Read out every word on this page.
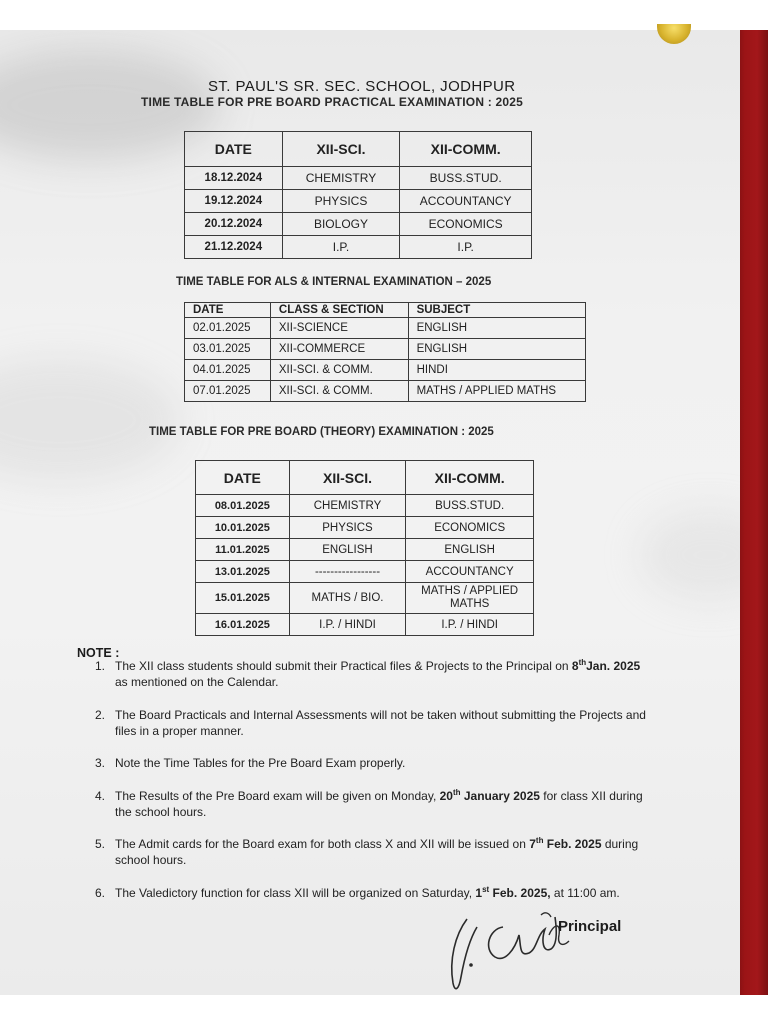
ST. PAUL'S SR. SEC. SCHOOL, JODHPUR
TIME TABLE FOR PRE BOARD PRACTICAL EXAMINATION : 2025
DATE	XII-SCI.	XII-COMM.
18.12.2024	CHEMISTRY	BUSS.STUD.
19.12.2024	PHYSICS	ACCOUNTANCY
20.12.2024	BIOLOGY	ECONOMICS
21.12.2024	I.P.	I.P.
TIME TABLE FOR ALS & INTERNAL EXAMINATION – 2025
DATE	CLASS & SECTION	SUBJECT
02.01.2025	XII-SCIENCE	ENGLISH
03.01.2025	XII-COMMERCE	ENGLISH
04.01.2025	XII-SCI. & COMM.	HINDI
07.01.2025	XII-SCI. & COMM.	MATHS / APPLIED MATHS
TIME TABLE FOR PRE BOARD (THEORY) EXAMINATION : 2025
DATE	XII-SCI.	XII-COMM.
08.01.2025	CHEMISTRY	BUSS.STUD.
10.01.2025	PHYSICS	ECONOMICS
11.01.2025	ENGLISH	ENGLISH
13.01.2025	-----------------	ACCOUNTANCY
15.01.2025	MATHS / BIO.	MATHS / APPLIED MATHS
16.01.2025	I.P. / HINDI	I.P. / HINDI
NOTE :
1. The XII class students should submit their Practical files & Projects to the Principal on 8thJan. 2025 as mentioned on the Calendar.
2. The Board Practicals and Internal Assessments will not be taken without submitting the Projects and files in a proper manner.
3. Note the Time Tables for the Pre Board Exam properly.
4. The Results of the Pre Board exam will be given on Monday, 20th January 2025 for class XII during the school hours.
5. The Admit cards for the Board exam for both class X and XII will be issued on 7th Feb. 2025 during school hours.
6. The Valedictory function for class XII will be organized on Saturday, 1st Feb. 2025, at 11:00 am.
Principal
